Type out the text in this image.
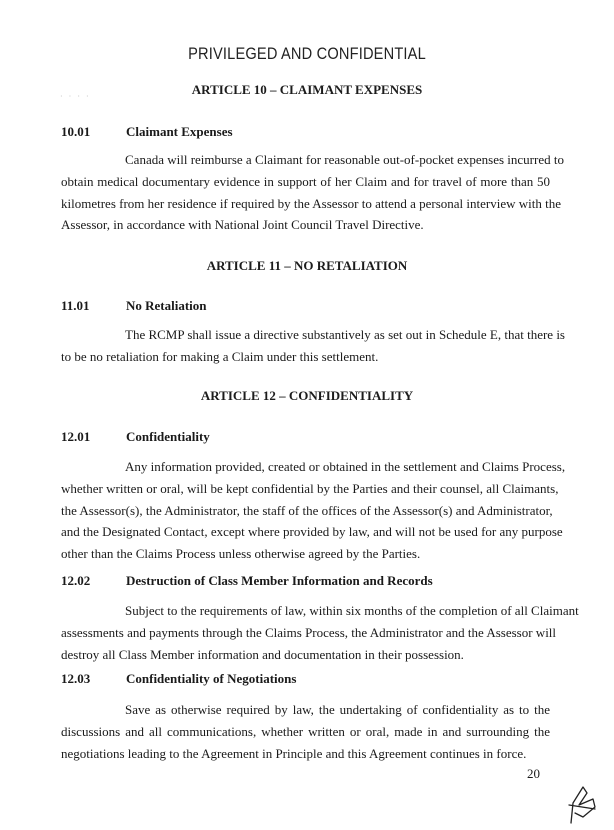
PRIVILEGED AND CONFIDENTIAL
· · · ·	ARTICLE 10 – CLAIMANT EXPENSES
10.01	Claimant Expenses
Canada will reimburse a Claimant for reasonable out-of-pocket expenses incurred to
obtain medical documentary evidence in support of her Claim and for travel of more than 50
kilometres from her residence if required by the Assessor to attend a personal interview with the
Assessor, in accordance with National Joint Council Travel Directive.
ARTICLE 11 – NO RETALIATION
11.01	No Retaliation
The RCMP shall issue a directive substantively as set out in Schedule E, that there is
to be no retaliation for making a Claim under this settlement.
ARTICLE 12 – CONFIDENTIALITY
12.01	Confidentiality
Any information provided, created or obtained in the settlement and Claims Process,
whether written or oral, will be kept confidential by the Parties and their counsel, all Claimants,
the Assessor(s), the Administrator, the staff of the offices of the Assessor(s) and Administrator,
and the Designated Contact, except where provided by law, and will not be used for any purpose
other than the Claims Process unless otherwise agreed by the Parties.
12.02	Destruction of Class Member Information and Records
Subject to the requirements of law, within six months of the completion of all Claimant
assessments and payments through the Claims Process, the Administrator and the Assessor will
destroy all Class Member information and documentation in their possession.
12.03	Confidentiality of Negotiations
Save as otherwise required by law, the undertaking of confidentiality as to the
discussions and all communications, whether written or oral, made in and surrounding the
negotiations leading to the Agreement in Principle and this Agreement continues in force.
20
